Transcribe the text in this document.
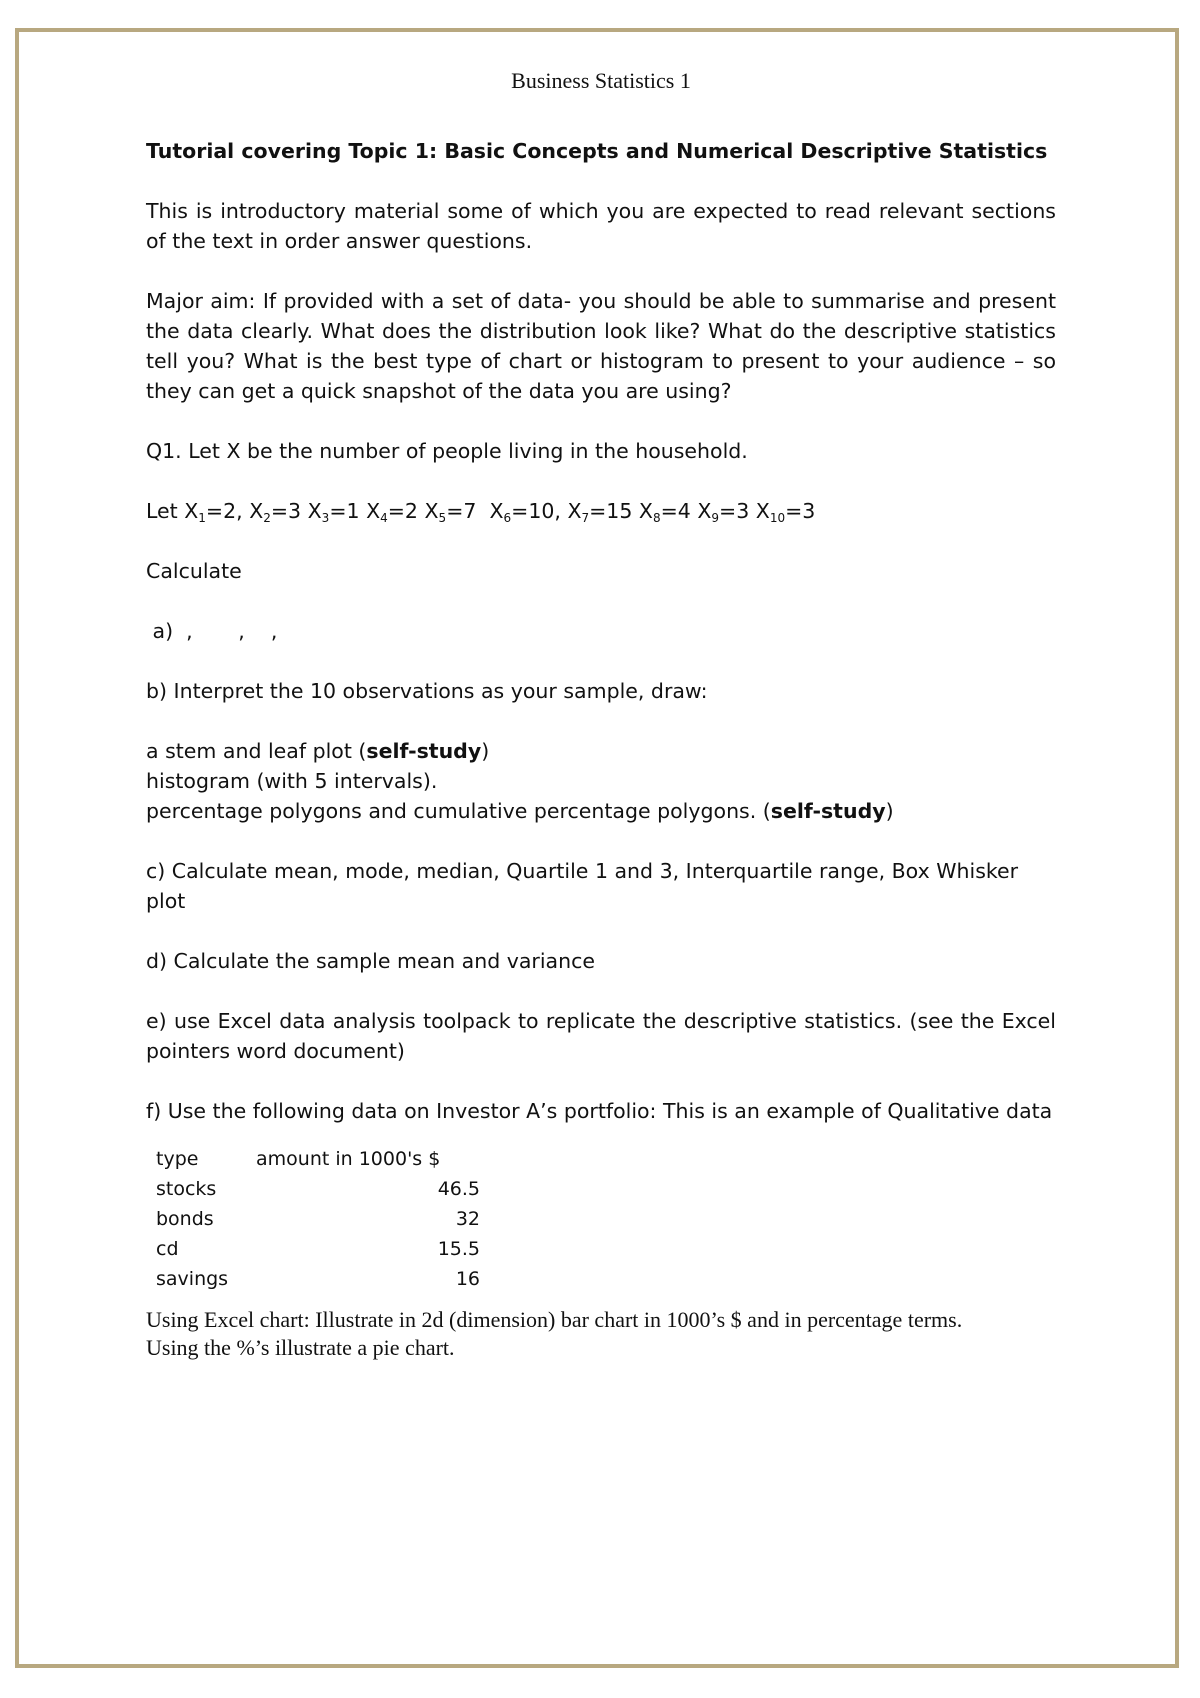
Business Statistics 1

Tutorial covering Topic 1: Basic Concepts and Numerical Descriptive Statistics

This is introductory material some of which you are expected to read relevant sections of the text in order answer questions.

Major aim: If provided with a set of data- you should be able to summarise and present the data clearly. What does the distribution look like? What do the descriptive statistics tell you? What is the best type of chart or histogram to present to your audience – so they can get a quick snapshot of the data you are using?

Q1. Let X be the number of people living in the household.

Let $X_1=2$, $X_2=3$ $X_3=1$ $X_4=2$ $X_5=7$  $X_6=10$, $X_7=15$ $X_8=4$ $X_9=3$ $X_{10}=3$

Calculate

a)  ,       ,    ,

b) Interpret the 10 observations as your sample, draw:

a stem and leaf plot (self-study)

histogram (with 5 intervals).

percentage polygons and cumulative percentage polygons. (self-study)

c) Calculate mean, mode, median, Quartile 1 and 3, Interquartile range, Box Whisker plot

d) Calculate the sample mean and variance

e) use Excel data analysis toolpack to replicate the descriptive statistics. (see the Excel pointers word document)

f) Use the following data on Investor A’s portfolio: This is an example of Qualitative data

type	amount in 1000's $
stocks	46.5
bonds	32
cd	15.5
savings	16

Using Excel chart: Illustrate in 2d (dimension) bar chart in 1000’s $ and in percentage terms.

Using the %’s illustrate a pie chart.
